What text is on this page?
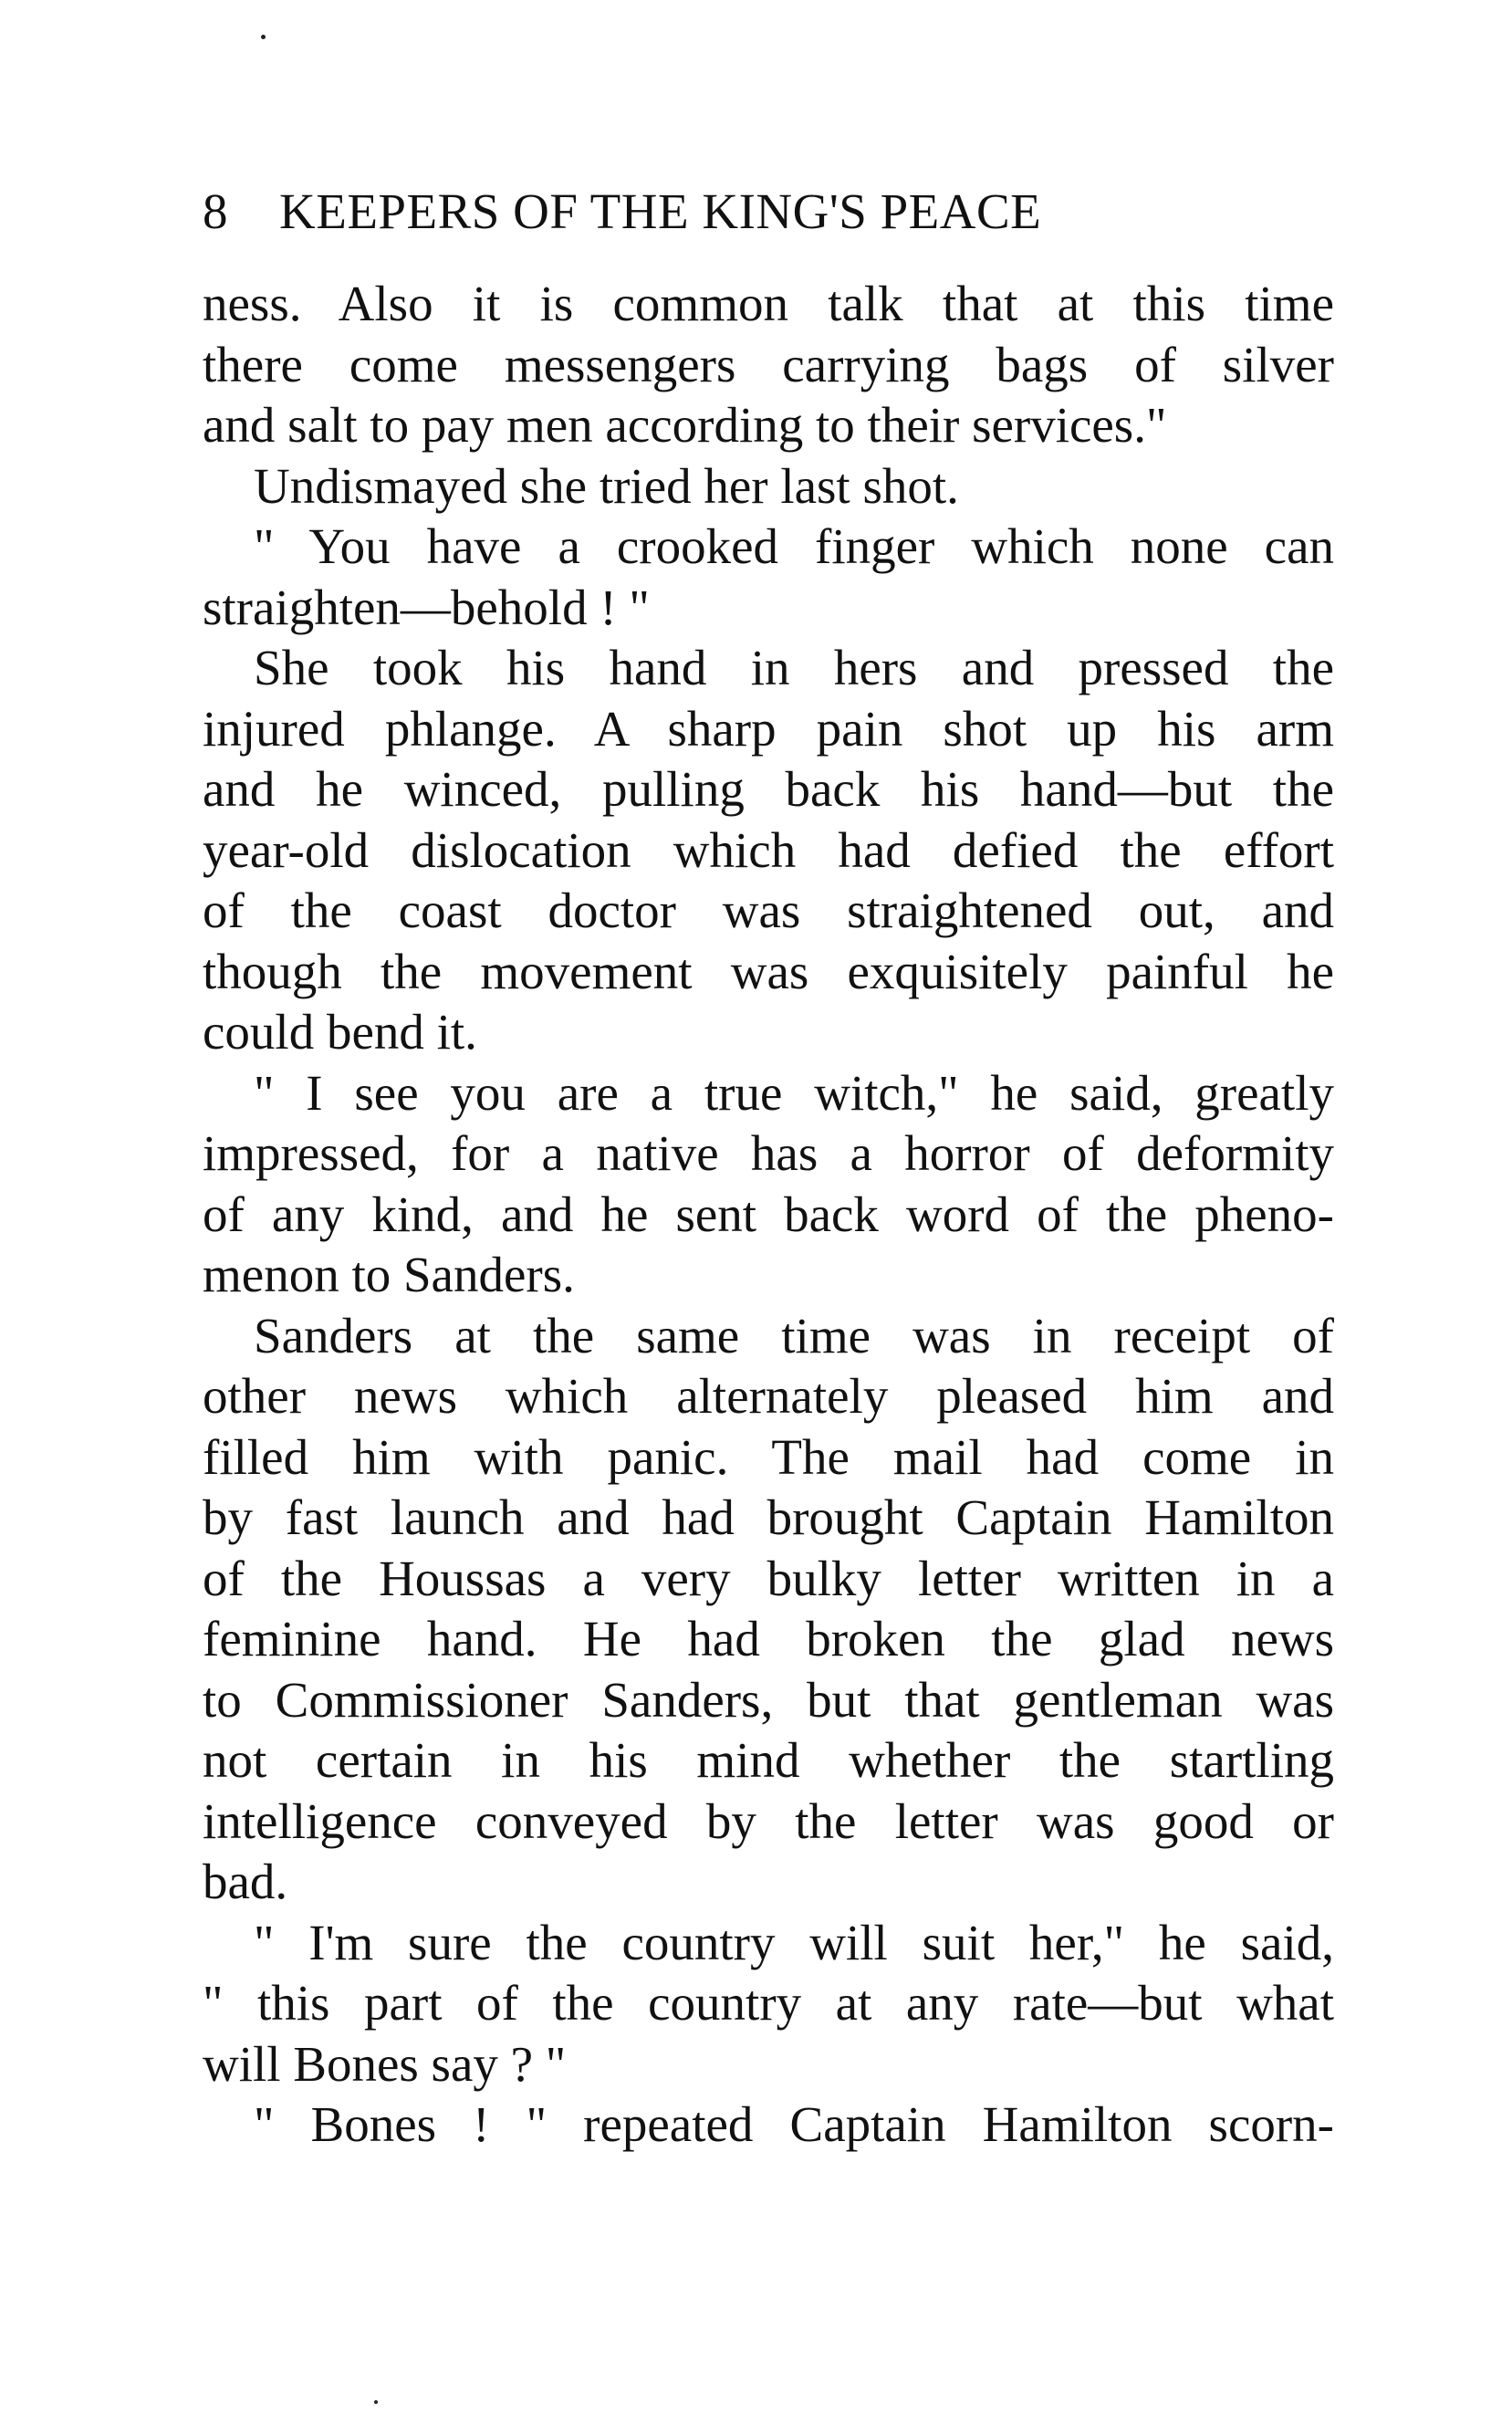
8 KEEPERS OF THE KING'S PEACE
ness. Also it is common talk that at this time
there come messengers carrying bags of silver
and salt to pay men according to their services."
Undismayed she tried her last shot.
" You have a crooked finger which none can
straighten—behold ! "
She took his hand in hers and pressed the
injured phlange. A sharp pain shot up his arm
and he winced, pulling back his hand—but the
year-old dislocation which had defied the effort
of the coast doctor was straightened out, and
though the movement was exquisitely painful he
could bend it.
" I see you are a true witch," he said, greatly
impressed, for a native has a horror of deformity
of any kind, and he sent back word of the pheno-
menon to Sanders.
Sanders at the same time was in receipt of
other news which alternately pleased him and
filled him with panic. The mail had come in
by fast launch and had brought Captain Hamilton
of the Houssas a very bulky letter written in a
feminine hand. He had broken the glad news
to Commissioner Sanders, but that gentleman was
not certain in his mind whether the startling
intelligence conveyed by the letter was good or
bad.
" I'm sure the country will suit her," he said,
" this part of the country at any rate—but what
will Bones say ? "
" Bones ! " repeated Captain Hamilton scorn-
